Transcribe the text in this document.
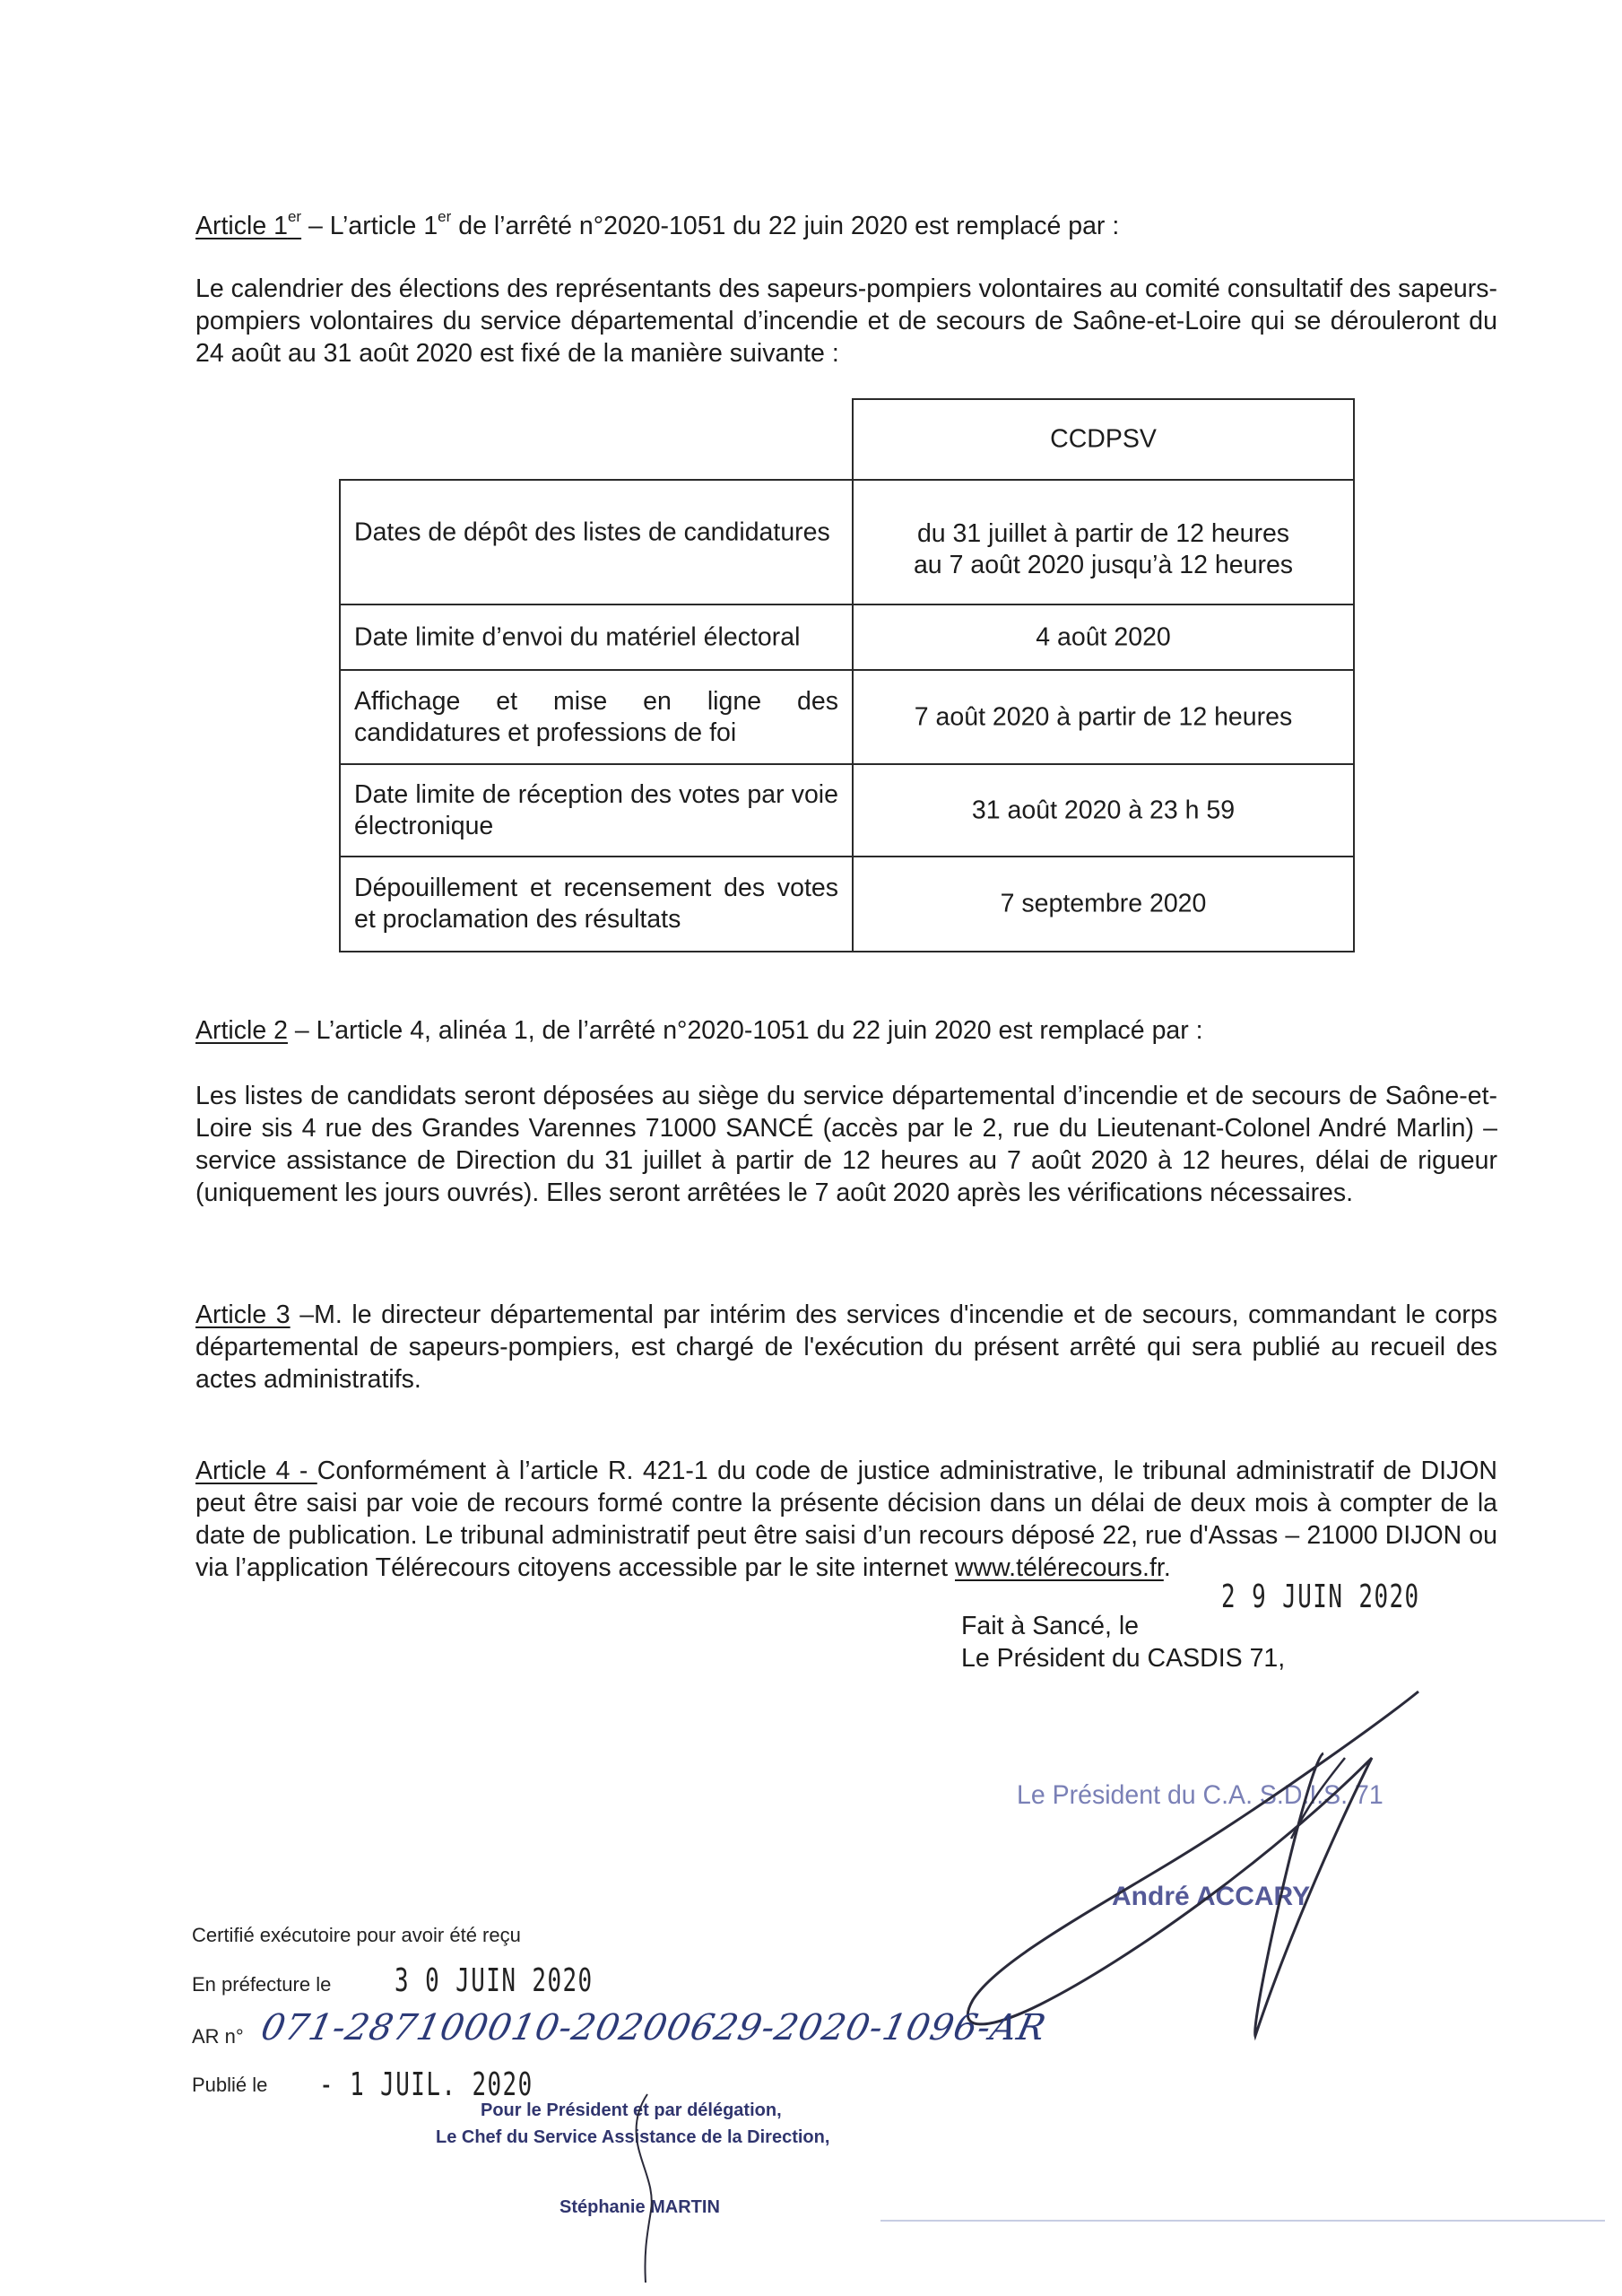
Article 1er – L’article 1er de l’arrêté n°2020-1051 du 22 juin 2020 est remplacé par :
Le calendrier des élections des représentants des sapeurs-pompiers volontaires au comité consultatif des sapeurs-pompiers volontaires du service départemental d’incendie et de secours de Saône-et-Loire qui se dérouleront du 24 août au 31 août 2020 est fixé de la manière suivante :
CCDPSV
Dates de dépôt des listes de candidatures	du 31 juillet à partir de 12 heures
au 7 août 2020 jusqu’à 12 heures
Date limite d’envoi du matériel électoral	4 août 2020
Affichage et mise en ligne des candidatures et professions de foi
7 août 2020 à partir de 12 heures
Date limite de réception des votes par voie électronique
31 août 2020 à 23 h 59
Dépouillement et recensement des votes et proclamation des résultats
7 septembre 2020
Article 2 – L’article 4, alinéa 1, de l’arrêté n°2020-1051 du 22 juin 2020 est remplacé par :
Les listes de candidats seront déposées au siège du service départemental d’incendie et de secours de Saône-et-Loire sis 4 rue des Grandes Varennes 71000 SANCÉ (accès par le 2, rue du Lieutenant-Colonel André Marlin) – service assistance de Direction du 31 juillet à partir de 12 heures au 7 août 2020 à 12 heures, délai de rigueur (uniquement les jours ouvrés). Elles seront arrêtées le 7 août 2020 après les vérifications nécessaires.
Article 3 –M. le directeur départemental par intérim des services d'incendie et de secours, commandant le corps départemental de sapeurs-pompiers, est chargé de l'exécution du présent arrêté qui sera publié au recueil des actes administratifs.
Article 4 - Conformément à l’article R. 421-1 du code de justice administrative, le tribunal administratif de DIJON peut être saisi par voie de recours formé contre la présente décision dans un délai de deux mois à compter de la date de publication. Le tribunal administratif peut être saisi d’un recours déposé 22, rue d'Assas – 21000 DIJON ou via l’application Télérecours citoyens accessible par le site internet www.télérecours.fr.
2 9 JUIN 2020
Fait à Sancé, le
Le Président du CASDIS 71,
Le Président du C.A. S.D.I.S. 71
André ACCARY
Certifié exécutoire pour avoir été reçu
En préfecture le 3 0 JUIN 2020
AR n° 071-287100010-20200629-2020-1096-AR
Publié le - 1 JUIL. 2020
Pour le Président et par délégation,
Le Chef du Service Assistance de la Direction,
Stéphanie MARTIN
